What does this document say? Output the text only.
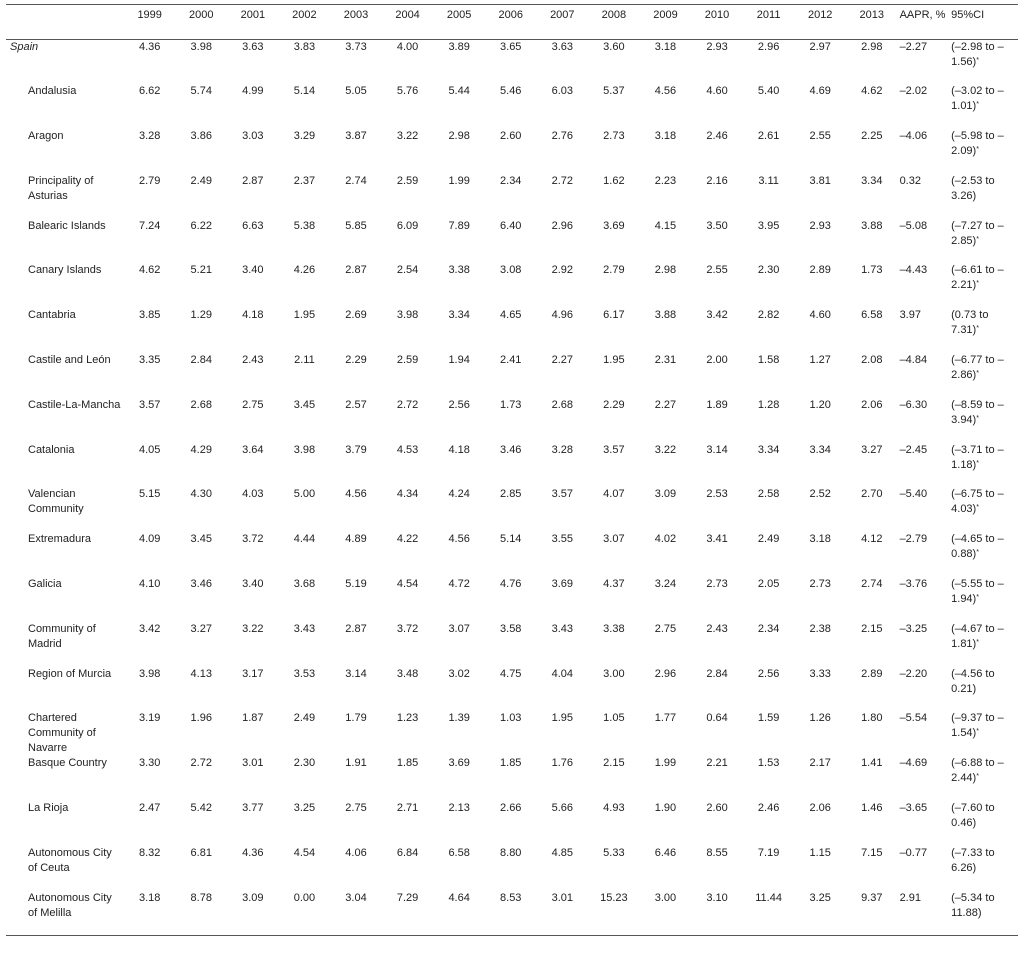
	1999	2000	2001	2002	2003	2004	2005	2006	2007	2008	2009	2010	2011	2012	2013	AAPR, %	95%CI
Spain	4.36	3.98	3.63	3.83	3.73	4.00	3.89	3.65	3.63	3.60	3.18	2.93	2.96	2.97	2.98	–2.27	(–2.98 to –1.56)*
Andalusia	6.62	5.74	4.99	5.14	5.05	5.76	5.44	5.46	6.03	5.37	4.56	4.60	5.40	4.69	4.62	–2.02	(–3.02 to –1.01)*
Aragon	3.28	3.86	3.03	3.29	3.87	3.22	2.98	2.60	2.76	2.73	3.18	2.46	2.61	2.55	2.25	–4.06	(–5.98 to –2.09)*
Principality of Asturias	2.79	2.49	2.87	2.37	2.74	2.59	1.99	2.34	2.72	1.62	2.23	2.16	3.11	3.81	3.34	0.32	(–2.53 to 3.26)
Balearic Islands	7.24	6.22	6.63	5.38	5.85	6.09	7.89	6.40	2.96	3.69	4.15	3.50	3.95	2.93	3.88	–5.08	(–7.27 to –2.85)*
Canary Islands	4.62	5.21	3.40	4.26	2.87	2.54	3.38	3.08	2.92	2.79	2.98	2.55	2.30	2.89	1.73	–4.43	(–6.61 to –2.21)*
Cantabria	3.85	1.29	4.18	1.95	2.69	3.98	3.34	4.65	4.96	6.17	3.88	3.42	2.82	4.60	6.58	3.97	(0.73 to 7.31)*
Castile and León	3.35	2.84	2.43	2.11	2.29	2.59	1.94	2.41	2.27	1.95	2.31	2.00	1.58	1.27	2.08	–4.84	(–6.77 to –2.86)*
Castile-La-Mancha	3.57	2.68	2.75	3.45	2.57	2.72	2.56	1.73	2.68	2.29	2.27	1.89	1.28	1.20	2.06	–6.30	(–8.59 to –3.94)*
Catalonia	4.05	4.29	3.64	3.98	3.79	4.53	4.18	3.46	3.28	3.57	3.22	3.14	3.34	3.34	3.27	–2.45	(–3.71 to –1.18)*
Valencian Community	5.15	4.30	4.03	5.00	4.56	4.34	4.24	2.85	3.57	4.07	3.09	2.53	2.58	2.52	2.70	–5.40	(–6.75 to –4.03)*
Extremadura	4.09	3.45	3.72	4.44	4.89	4.22	4.56	5.14	3.55	3.07	4.02	3.41	2.49	3.18	4.12	–2.79	(–4.65 to –0.88)*
Galicia	4.10	3.46	3.40	3.68	5.19	4.54	4.72	4.76	3.69	4.37	3.24	2.73	2.05	2.73	2.74	–3.76	(–5.55 to –1.94)*
Community of Madrid	3.42	3.27	3.22	3.43	2.87	3.72	3.07	3.58	3.43	3.38	2.75	2.43	2.34	2.38	2.15	–3.25	(–4.67 to –1.81)*
Region of Murcia	3.98	4.13	3.17	3.53	3.14	3.48	3.02	4.75	4.04	3.00	2.96	2.84	2.56	3.33	2.89	–2.20	(–4.56 to 0.21)
Chartered Community of Navarre	3.19	1.96	1.87	2.49	1.79	1.23	1.39	1.03	1.95	1.05	1.77	0.64	1.59	1.26	1.80	–5.54	(–9.37 to –1.54)*
Basque Country	3.30	2.72	3.01	2.30	1.91	1.85	3.69	1.85	1.76	2.15	1.99	2.21	1.53	2.17	1.41	–4.69	(–6.88 to –2.44)*
La Rioja	2.47	5.42	3.77	3.25	2.75	2.71	2.13	2.66	5.66	4.93	1.90	2.60	2.46	2.06	1.46	–3.65	(–7.60 to 0.46)
Autonomous City of Ceuta	8.32	6.81	4.36	4.54	4.06	6.84	6.58	8.80	4.85	5.33	6.46	8.55	7.19	1.15	7.15	–0.77	(–7.33 to 6.26)
Autonomous City of Melilla	3.18	8.78	3.09	0.00	3.04	7.29	4.64	8.53	3.01	15.23	3.00	3.10	11.44	3.25	9.37	2.91	(–5.34 to 11.88)
